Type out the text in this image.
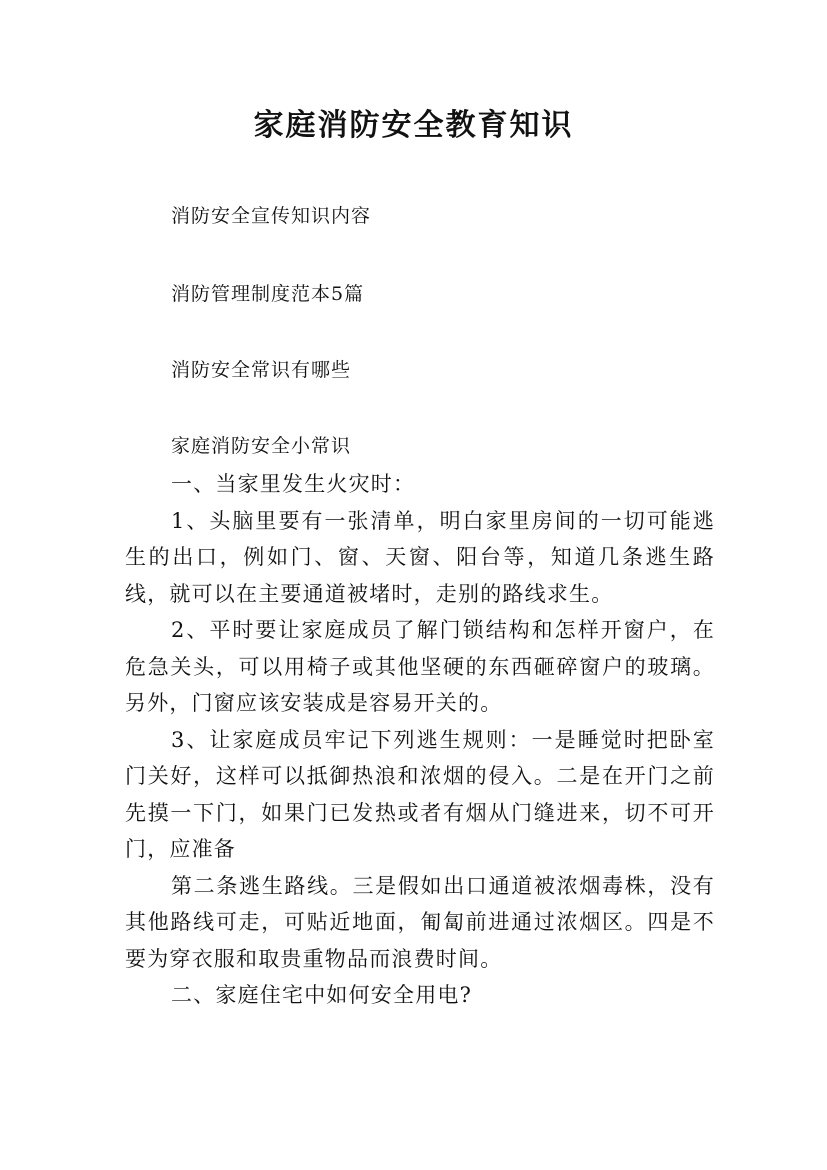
家庭消防安全教育知识
消防安全宣传知识内容
消防管理制度范本5篇
消防安全常识有哪些
家庭消防安全小常识

一、当家里发生火灾时：

1、头脑里要有一张清单，明白家里房间的一切可能逃生的出口，例如门、窗、天窗、阳台等，知道几条逃生路线，就可以在主要通道被堵时，走别的路线求生。

2、平时要让家庭成员了解门锁结构和怎样开窗户，在危急关头，可以用椅子或其他坚硬的东西砸碎窗户的玻璃。另外，门窗应该安装成是容易开关的。

3、让家庭成员牢记下列逃生规则：一是睡觉时把卧室门关好，这样可以抵御热浪和浓烟的侵入。二是在开门之前先摸一下门，如果门已发热或者有烟从门缝进来，切不可开门，应准备

第二条逃生路线。三是假如出口通道被浓烟毒株，没有其他路线可走，可贴近地面，匍匐前进通过浓烟区。四是不要为穿衣服和取贵重物品而浪费时间。

二、家庭住宅中如何安全用电?
